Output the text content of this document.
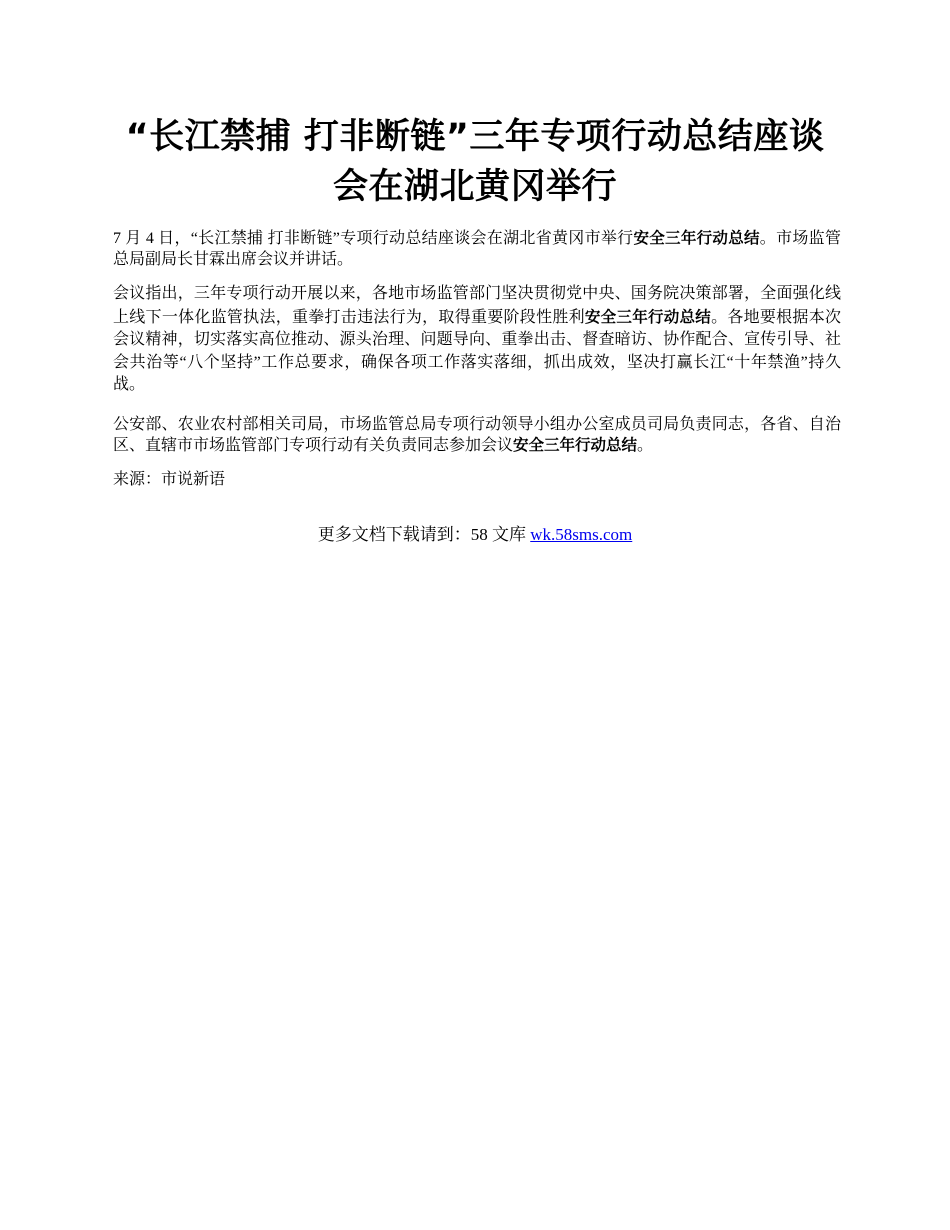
“长江禁捕 打非断链”三年专项行动总结座谈
会在湖北黄冈举行

7 月 4 日，“长江禁捕 打非断链”专项行动总结座谈会在湖北省黄冈市举行安全三年行动总结。市场监管总局副局长甘霖出席会议并讲话。

会议指出，三年专项行动开展以来，各地市场监管部门坚决贯彻党中央、国务院决策部署，全面强化线上线下一体化监管执法，重拳打击违法行为，取得重要阶段性胜利安全三年行动总结。各地要根据本次会议精神，切实落实高位推动、源头治理、问题导向、重拳出击、督查暗访、协作配合、宣传引导、社会共治等“八个坚持”工作总要求，确保各项工作落实落细，抓出成效，坚决打赢长江“十年禁渔”持久战。

公安部、农业农村部相关司局，市场监管总局专项行动领导小组办公室成员司局负责同志，各省、自治区、直辖市市场监管部门专项行动有关负责同志参加会议安全三年行动总结。

来源：市说新语

更多文档下载请到：58 文库 wk.58sms.com
